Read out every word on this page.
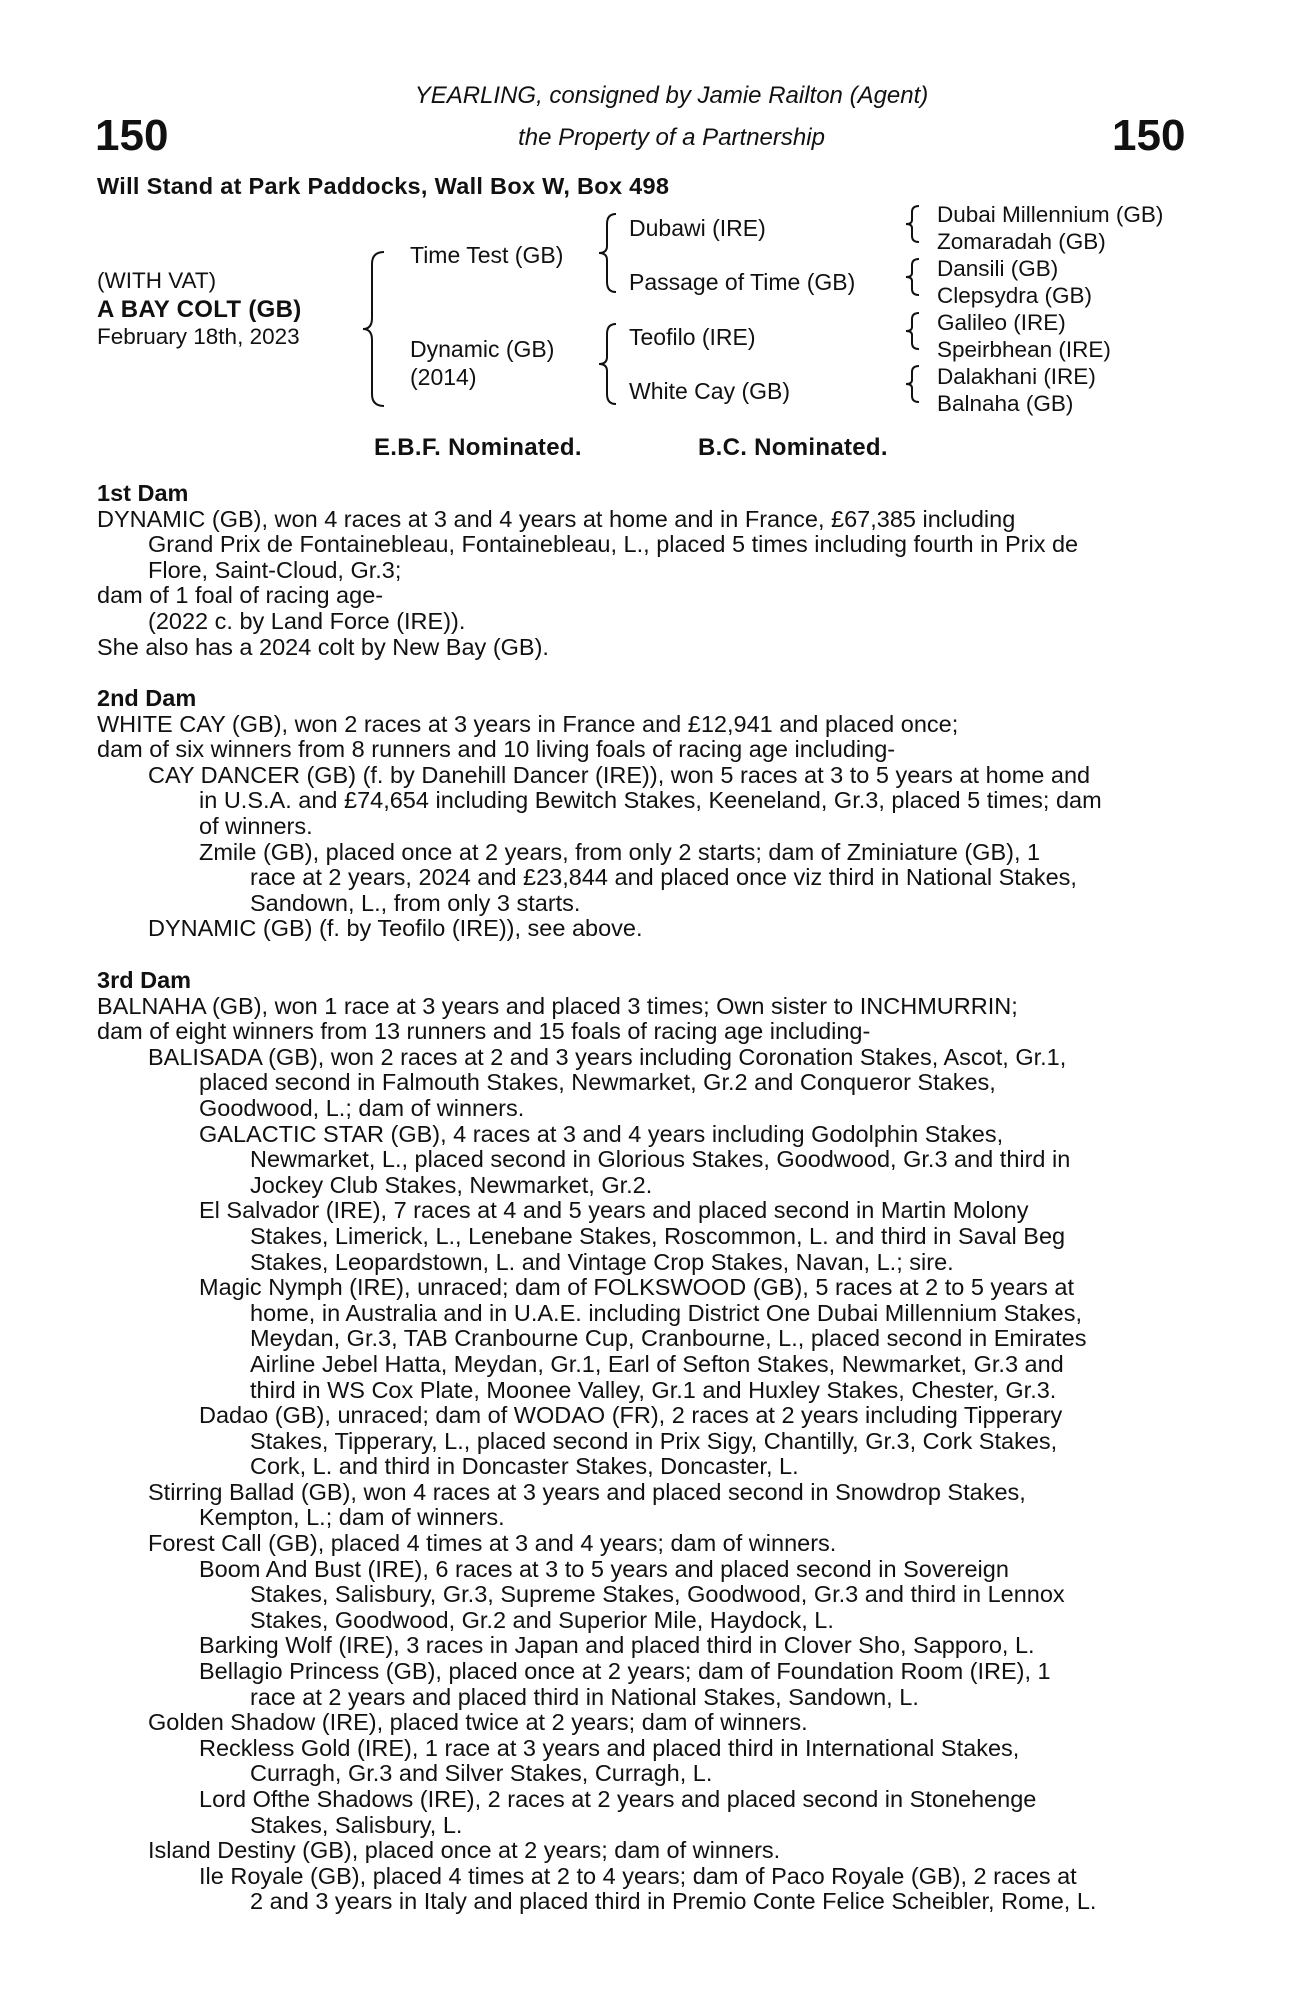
150	150
YEARLING, consigned by Jamie Railton (Agent)
the Property of a Partnership
Will Stand at Park Paddocks, Wall Box W, Box 498
(WITH VAT)
A BAY COLT (GB)
February 18th, 2023
Time Test (GB)
Dynamic (GB)
(2014)
Dubawi (IRE)
Passage of Time (GB)
Teofilo (IRE)
White Cay (GB)
Dubai Millennium (GB)
Zomaradah (GB)
Dansili (GB)
Clepsydra (GB)
Galileo (IRE)
Speirbhean (IRE)
Dalakhani (IRE)
Balnaha (GB)
E.B.F. Nominated.	B.C. Nominated.
1st Dam
DYNAMIC (GB), won 4 races at 3 and 4 years at home and in France, £67,385 including
Grand Prix de Fontainebleau, Fontainebleau, L., placed 5 times including fourth in Prix de
Flore, Saint-Cloud, Gr.3;
dam of 1 foal of racing age-
(2022 c. by Land Force (IRE)).
She also has a 2024 colt by New Bay (GB).
2nd Dam
WHITE CAY (GB), won 2 races at 3 years in France and £12,941 and placed once;
dam of six winners from 8 runners and 10 living foals of racing age including-
CAY DANCER (GB) (f. by Danehill Dancer (IRE)), won 5 races at 3 to 5 years at home and
in U.S.A. and £74,654 including Bewitch Stakes, Keeneland, Gr.3, placed 5 times; dam
of winners.
Zmile (GB), placed once at 2 years, from only 2 starts; dam of Zminiature (GB), 1
race at 2 years, 2024 and £23,844 and placed once viz third in National Stakes,
Sandown, L., from only 3 starts.
DYNAMIC (GB) (f. by Teofilo (IRE)), see above.
3rd Dam
BALNAHA (GB), won 1 race at 3 years and placed 3 times; Own sister to INCHMURRIN;
dam of eight winners from 13 runners and 15 foals of racing age including-
BALISADA (GB), won 2 races at 2 and 3 years including Coronation Stakes, Ascot, Gr.1,
placed second in Falmouth Stakes, Newmarket, Gr.2 and Conqueror Stakes,
Goodwood, L.; dam of winners.
GALACTIC STAR (GB), 4 races at 3 and 4 years including Godolphin Stakes,
Newmarket, L., placed second in Glorious Stakes, Goodwood, Gr.3 and third in
Jockey Club Stakes, Newmarket, Gr.2.
El Salvador (IRE), 7 races at 4 and 5 years and placed second in Martin Molony
Stakes, Limerick, L., Lenebane Stakes, Roscommon, L. and third in Saval Beg
Stakes, Leopardstown, L. and Vintage Crop Stakes, Navan, L.; sire.
Magic Nymph (IRE), unraced; dam of FOLKSWOOD (GB), 5 races at 2 to 5 years at
home, in Australia and in U.A.E. including District One Dubai Millennium Stakes,
Meydan, Gr.3, TAB Cranbourne Cup, Cranbourne, L., placed second in Emirates
Airline Jebel Hatta, Meydan, Gr.1, Earl of Sefton Stakes, Newmarket, Gr.3 and
third in WS Cox Plate, Moonee Valley, Gr.1 and Huxley Stakes, Chester, Gr.3.
Dadao (GB), unraced; dam of WODAO (FR), 2 races at 2 years including Tipperary
Stakes, Tipperary, L., placed second in Prix Sigy, Chantilly, Gr.3, Cork Stakes,
Cork, L. and third in Doncaster Stakes, Doncaster, L.
Stirring Ballad (GB), won 4 races at 3 years and placed second in Snowdrop Stakes,
Kempton, L.; dam of winners.
Forest Call (GB), placed 4 times at 3 and 4 years; dam of winners.
Boom And Bust (IRE), 6 races at 3 to 5 years and placed second in Sovereign
Stakes, Salisbury, Gr.3, Supreme Stakes, Goodwood, Gr.3 and third in Lennox
Stakes, Goodwood, Gr.2 and Superior Mile, Haydock, L.
Barking Wolf (IRE), 3 races in Japan and placed third in Clover Sho, Sapporo, L.
Bellagio Princess (GB), placed once at 2 years; dam of Foundation Room (IRE), 1
race at 2 years and placed third in National Stakes, Sandown, L.
Golden Shadow (IRE), placed twice at 2 years; dam of winners.
Reckless Gold (IRE), 1 race at 3 years and placed third in International Stakes,
Curragh, Gr.3 and Silver Stakes, Curragh, L.
Lord Ofthe Shadows (IRE), 2 races at 2 years and placed second in Stonehenge
Stakes, Salisbury, L.
Island Destiny (GB), placed once at 2 years; dam of winners.
Ile Royale (GB), placed 4 times at 2 to 4 years; dam of Paco Royale (GB), 2 races at
2 and 3 years in Italy and placed third in Premio Conte Felice Scheibler, Rome, L.
